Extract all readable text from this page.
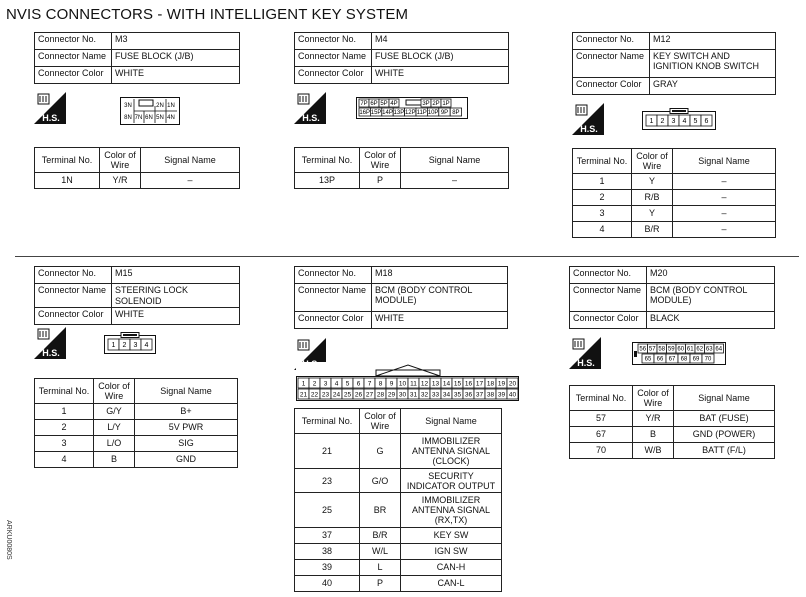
NVIS CONNECTORS - WITH INTELLIGENT KEY SYSTEM
Connector No.	M3
Connector Name	FUSE BLOCK (J/B)
Connector Color	WHITE
H.S.
3N	2N 1N
8N 7N 6N 5N 4N
Terminal No.	Color of Wire	Signal Name
1N	Y/R	–
Connector No.	M4
Connector Name	FUSE BLOCK (J/B)
Connector Color	WHITE
H.S.
7P 6P 5P 4P	3P 2P 1P
16P 15P 14P 13P 12P 11P 10P 9P 8P
Terminal No.	Color of Wire	Signal Name
13P	P	–
Connector No.	M12
Connector Name	KEY SWITCH AND IGNITION KNOB SWITCH
Connector Color	GRAY
H.S.
1 2 3 4 5 6
Terminal No.	Color of Wire	Signal Name
1	Y	–
2	R/B	–
3	Y	–
4	B/R	–
Connector No.	M15
Connector Name	STEERING LOCK SOLENOID
Connector Color	WHITE
H.S.
1 2 3 4
Terminal No.	Color of Wire	Signal Name
1	G/Y	B+
2	L/Y	5V PWR
3	L/O	SIG
4	B	GND
Connector No.	M18
Connector Name	BCM (BODY CONTROL MODULE)
Connector Color	WHITE
H.S.
1 2 3 4 5 6 7 8 9 10 11 12 13 14 15 16 17 18 19 20
21 22 23 24 25 26 27 28 29 30 31 32 33 34 35 36 37 38 39 40
Terminal No.	Color of Wire	Signal Name
21	G	IMMOBILIZER ANTENNA SIGNAL (CLOCK)
23	G/O	SECURITY INDICATOR OUTPUT
25	BR	IMMOBILIZER ANTENNA SIGNAL (RX,TX)
37	B/R	KEY SW
38	W/L	IGN SW
39	L	CAN-H
40	P	CAN-L
Connector No.	M20
Connector Name	BCM (BODY CONTROL MODULE)
Connector Color	BLACK
H.S.
56 57 58 59 60 61 62 63 64
65 66 67 68 69 70
Terminal No.	Color of Wire	Signal Name
57	Y/R	BAT (FUSE)
67	B	GND (POWER)
70	W/B	BATT (F/L)
ARKU0080S
